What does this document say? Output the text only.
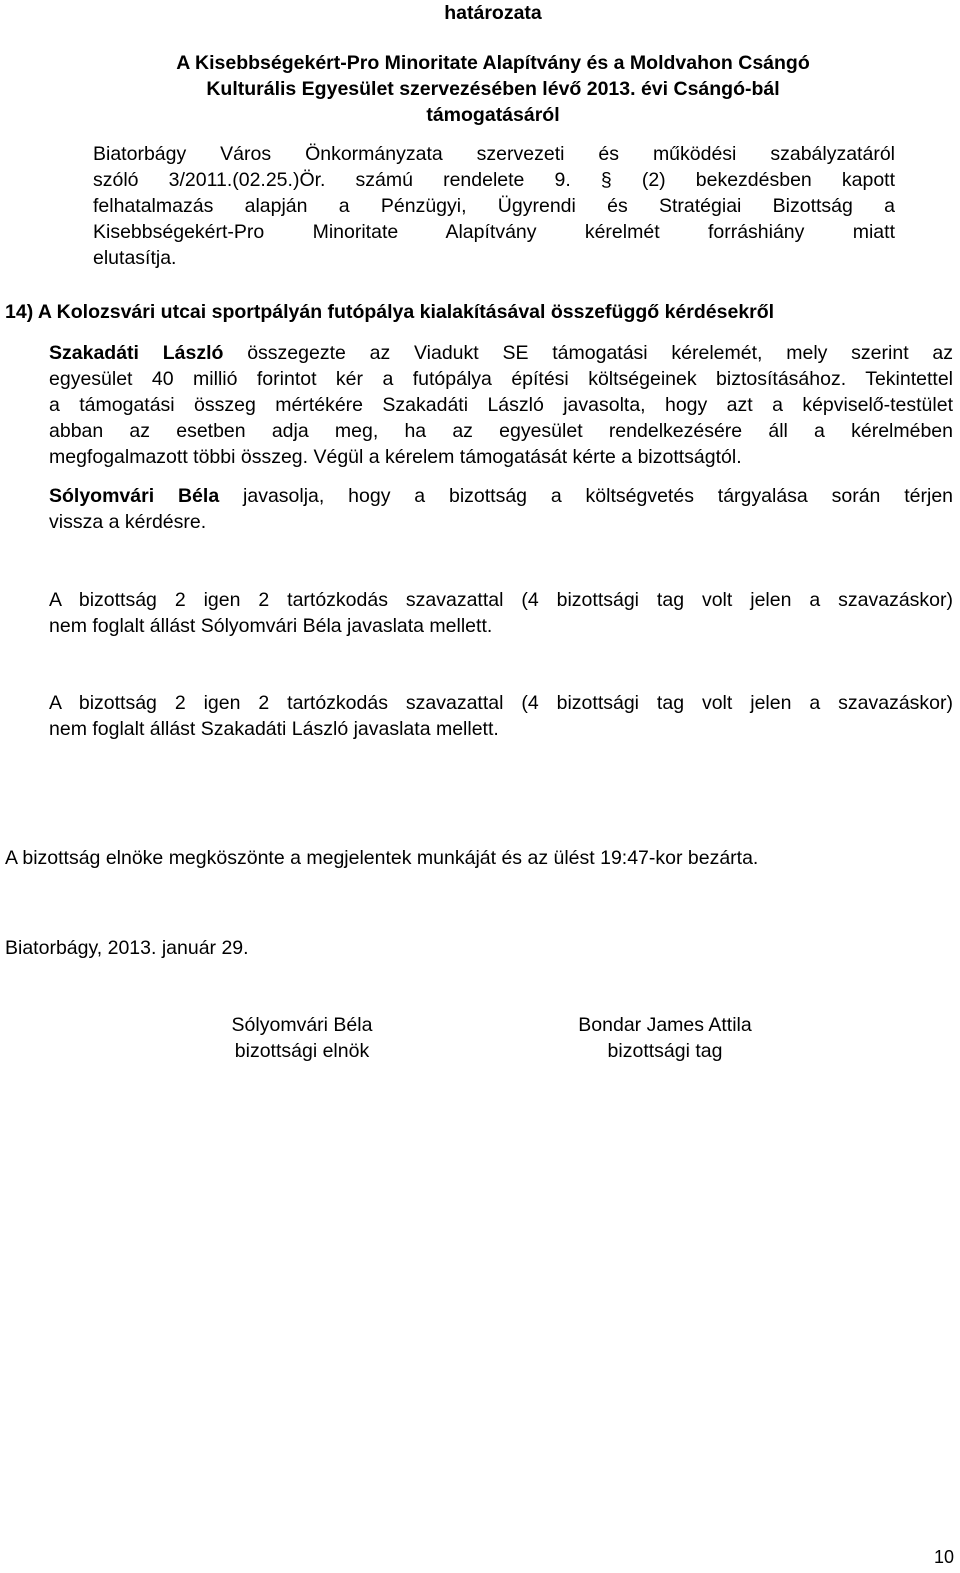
határozata
A Kisebbségekért-Pro Minoritate Alapítvány és a Moldvahon Csángó
Kulturális Egyesület szervezésében lévő 2013. évi Csángó-bál
támogatásáról
Biatorbágy Város Önkormányzata szervezeti és működési szabályzatáról
szóló 3/2011.(02.25.)Ör. számú rendelete 9. § (2) bekezdésben kapott
felhatalmazás alapján a Pénzügyi, Ügyrendi és Stratégiai Bizottság a
Kisebbségekért-Pro Minoritate Alapítvány kérelmét forráshiány miatt
elutasítja.
14) A Kolozsvári utcai sportpályán futópálya kialakításával összefüggő kérdésekről
Szakadáti László összegezte az Viadukt SE támogatási kérelemét, mely szerint az
egyesület 40 millió forintot kér a futópálya építési költségeinek biztosításához. Tekintettel
a támogatási összeg mértékére Szakadáti László javasolta, hogy azt a képviselő-testület
abban az esetben adja meg, ha az egyesület rendelkezésére áll a kérelmében
megfogalmazott többi összeg. Végül a kérelem támogatását kérte a bizottságtól.
Sólyomvári Béla javasolja, hogy a bizottság a költségvetés tárgyalása során térjen
vissza a kérdésre.
A bizottság 2 igen 2 tartózkodás szavazattal (4 bizottsági tag volt jelen a szavazáskor)
nem foglalt állást Sólyomvári Béla javaslata mellett.
A bizottság 2 igen 2 tartózkodás szavazattal (4 bizottsági tag volt jelen a szavazáskor)
nem foglalt állást Szakadáti László javaslata mellett.
A bizottság elnöke megköszönte a megjelentek munkáját és az ülést 19:47-kor bezárta.
Biatorbágy, 2013. január 29.
Sólyomvári Béla
bizottsági elnök
Bondar James Attila
bizottsági tag
10
